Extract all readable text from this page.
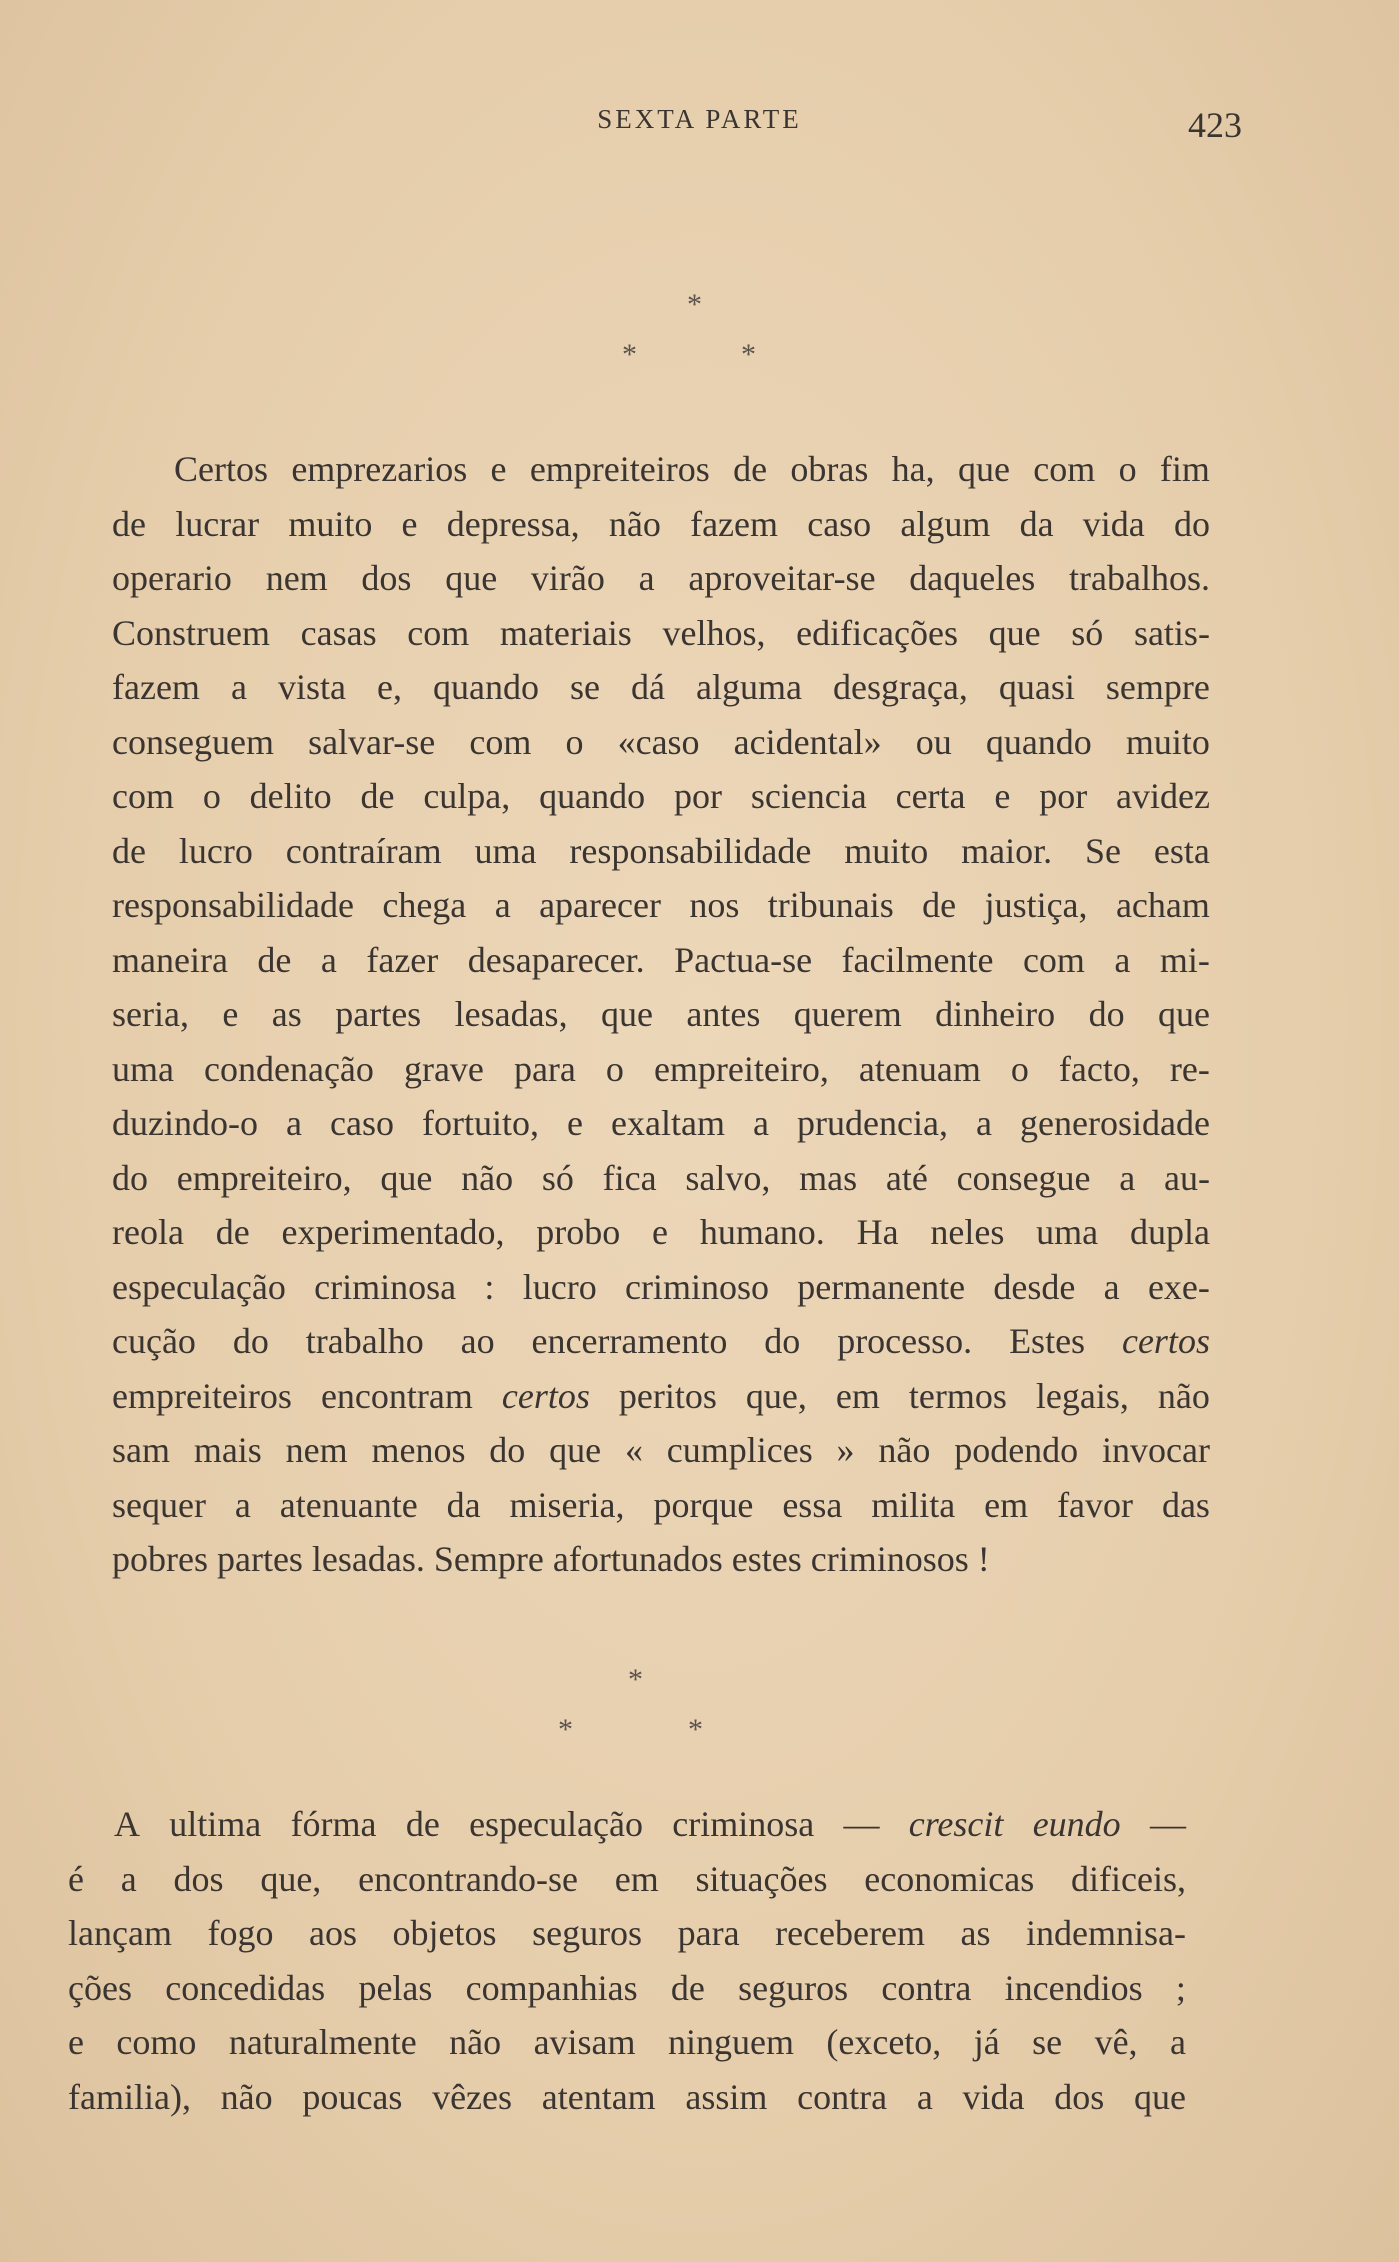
SEXTA PARTE	423
*
*	*
Certos emprezarios e empreiteiros de obras ha, que com o fim
de lucrar muito e depressa, não fazem caso algum da vida do
operario nem dos que virão a aproveitar-se daqueles trabalhos.
Construem casas com materiais velhos, edificações que só satis-
fazem a vista e, quando se dá alguma desgraça, quasi sempre
conseguem salvar-se com o «caso acidental» ou quando muito
com o delito de culpa, quando por sciencia certa e por avidez
de lucro contraíram uma responsabilidade muito maior. Se esta
responsabilidade chega a aparecer nos tribunais de justiça, acham
maneira de a fazer desaparecer. Pactua-se facilmente com a mi-
seria, e as partes lesadas, que antes querem dinheiro do que
uma condenação grave para o empreiteiro, atenuam o facto, re-
duzindo-o a caso fortuito, e exaltam a prudencia, a generosidade
do empreiteiro, que não só fica salvo, mas até consegue a au-
reola de experimentado, probo e humano. Ha neles uma dupla
especulação criminosa : lucro criminoso permanente desde a exe-
cução do trabalho ao encerramento do processo. Estes certos
empreiteiros encontram certos peritos que, em termos legais, não
sam mais nem menos do que « cumplices » não podendo invocar
sequer a atenuante da miseria, porque essa milita em favor das
pobres partes lesadas. Sempre afortunados estes criminosos !
*
*	*
A ultima fórma de especulação criminosa — crescit eundo —
é a dos que, encontrando-se em situações economicas dificeis,
lançam fogo aos objetos seguros para receberem as indemnisa-
ções concedidas pelas companhias de seguros contra incendios ;
e como naturalmente não avisam ninguem (exceto, já se vê, a
familia), não poucas vêzes atentam assim contra a vida dos que
